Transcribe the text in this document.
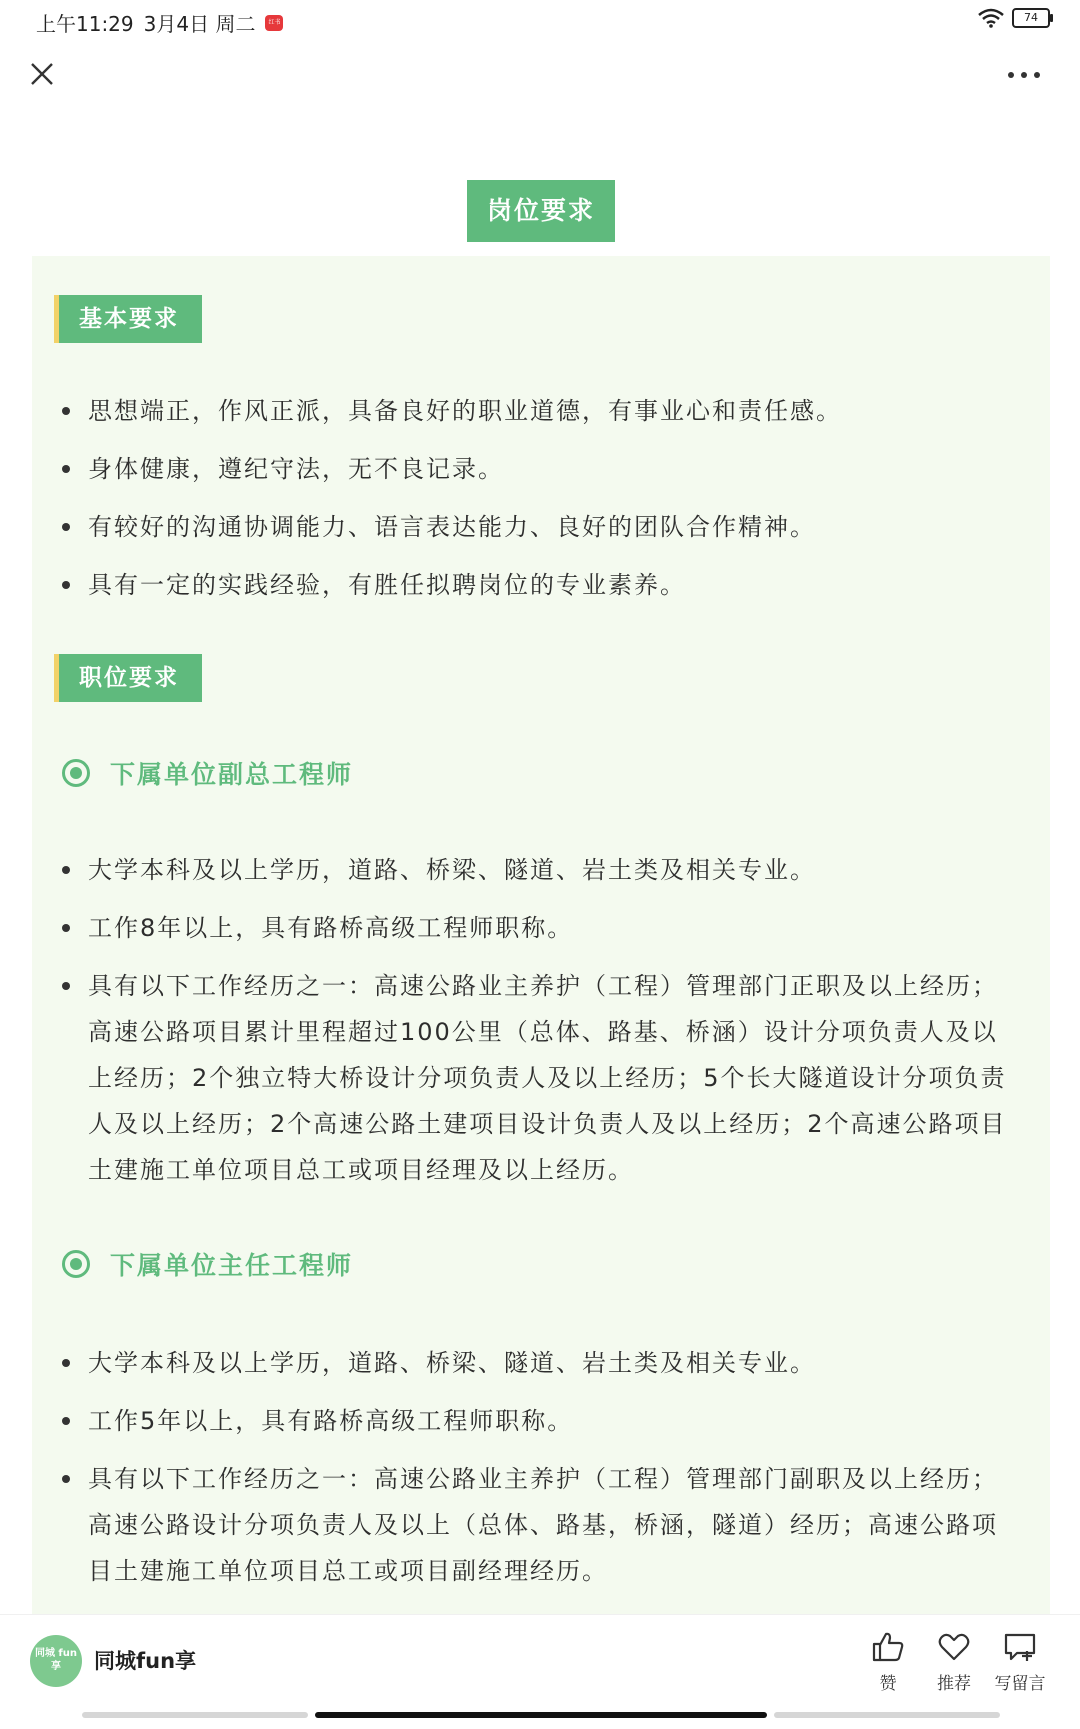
上午11:29 3月4日 周二	红书	74
岗位要求
基本要求
思想端正，作风正派，具备良好的职业道德，有事业心和责任感。
身体健康，遵纪守法，无不良记录。
有较好的沟通协调能力、语言表达能力、良好的团队合作精神。
具有一定的实践经验，有胜任拟聘岗位的专业素养。
职位要求
下属单位副总工程师
大学本科及以上学历，道路、桥梁、隧道、岩土类及相关专业。
工作8年以上，具有路桥高级工程师职称。
具有以下工作经历之一：高速公路业主养护（工程）管理部门正职及以上经历；高速公路项目累计里程超过100公里（总体、路基、桥涵）设计分项负责人及以上经历；2个独立特大桥设计分项负责人及以上经历；5个长大隧道设计分项负责人及以上经历；2个高速公路土建项目设计负责人及以上经历；2个高速公路项目土建施工单位项目总工或项目经理及以上经历。
下属单位主任工程师
大学本科及以上学历，道路、桥梁、隧道、岩土类及相关专业。
工作5年以上，具有路桥高级工程师职称。
具有以下工作经历之一：高速公路业主养护（工程）管理部门副职及以上经历；高速公路设计分项负责人及以上（总体、路基，桥涵，隧道）经历；高速公路项目土建施工单位项目总工或项目副经理经历。
同城 fun享	同城fun享
赞	推荐	写留言
